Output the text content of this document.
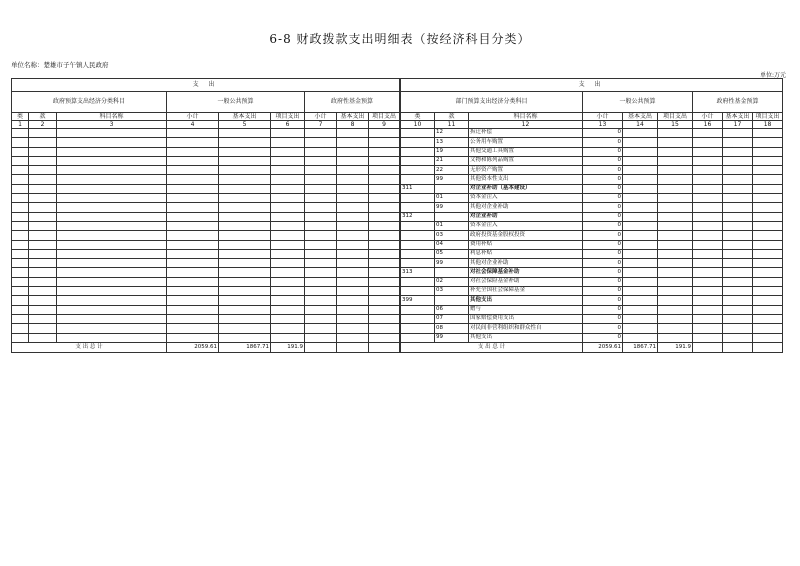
6-8 财政拨款支出明细表（按经济科目分类）
单位名称：楚雄市子午镇人民政府
单位:万元
支 出								
政府预算支出经济分类科目			一般公共预算			政府性基金预算		
类	款	科目名称	小计	基本支出	项目支出	小计	基本支出	项目支出
1	2	3	4	5	6	7	8	9

支 出 总 计			2059.61	1867.71	191.9			
支 出								
部门预算支出经济分类科目			一般公共预算			政府性基金预算		
类	款	科目名称	小计	基本支出	项目支出	小计	基本支出	项目支出
10	11	12	13	14	15	16	17	18
	12	拆迁补偿	0					
	13	公务用车购置	0					
	19	其他交通工具购置	0					
	21	文物和陈列品购置	0					
	22	无形资产购置	0					
	99	其他资本性支出	0					
311		对企业补助（基本建设）	0					
	01	资本金注入	0					
	99	其他对企业补助	0					
312		对企业补助	0					
	01	资本金注入	0					
	03	政府投资基金股权投资	0					
	04	费用补贴	0					
	05	利息补贴	0					
	99	其他对企业补助	0					
313		对社会保障基金补助	0					
	02	对社会保险基金补助	0					
	03	补充全国社会保障基金	0					
399		其他支出	0					
	06	赠与	0					
	07	国家赔偿费用支出	0					
	08	对民间非营利组织和群众性自	0					
	99	其他支出	0					
支 出 总 计			2059.61	1867.71	191.9			
